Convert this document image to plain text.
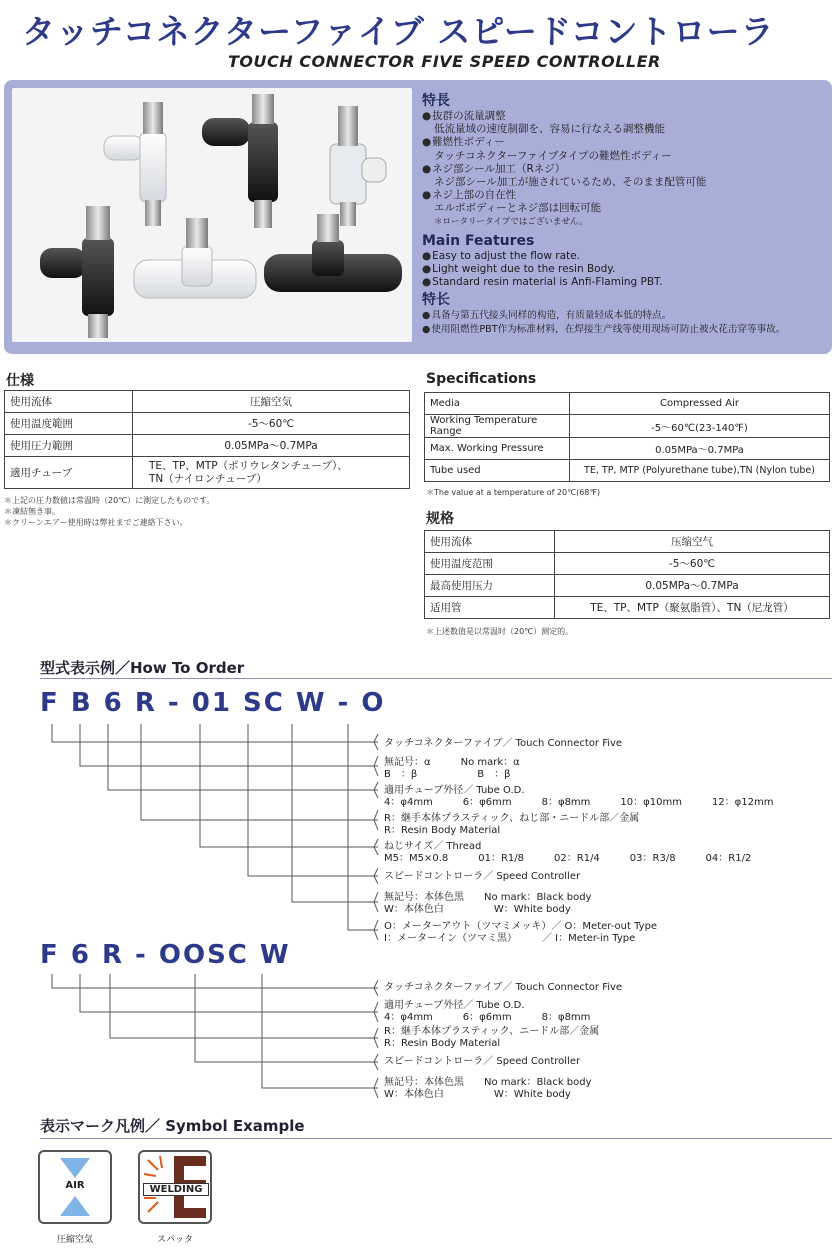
タッチコネクターファイブ スピードコントローラ
TOUCH CONNECTOR FIVE SPEED CONTROLLER
特長
● 抜群の流量調整
低流量域の速度制御を、容易に行なえる調整機能
● 難燃性ボディー
タッチコネクターファイブタイプの難燃性ボディー
● ネジ部シール加工（Rネジ）
ネジ部シール加工が施されているため、そのまま配管可能
● ネジ上部の自在性
エルボボディーとネジ部は回転可能
＊ロータリータイプではございません。
Main Features
● Easy to adjust the flow rate.
● Light weight due to the resin Body.
● Standard resin material is Anfi-Flaming PBT.
特长
● 具备与第五代接头同样的构造，有质量轻成本低的特点。
● 使用阻燃性PBT作为标准材料，在焊接生产线等使用现场可防止被火花击穿等事故。
仕様
使用流体	圧縮空気
使用温度範囲	-5～60℃
使用圧力範囲	0.05MPa～0.7MPa
適用チューブ	TE、TP、MTP（ポリウレタンチューブ）、
TN（ナイロンチューブ）
＊上記の圧力数値は常温時（20℃）に測定したものです。
＊凍結無き事。
＊クリーンエアー使用時は弊社までご連絡下さい。
Specifications
Media	Compressed Air
Working Temperature Range	-5～60℃(23-140℉)
Max. Working Pressure	0.05MPa～0.7MPa
Tube used	TE, TP, MTP (Polyurethane tube),TN (Nylon tube)
＊The value at a temperature of 20℃(68℉)
规格
使用流体	压缩空气
使用温度范围	-5～60℃
最高使用压力	0.05MPa～0.7MPa
适用管	TE、TP、MTP（聚氨脂管）、TN（尼龙管）
＊上述数值是以常温时（20℃）测定的。
型式表示例／How To Order
F B 6 R - 01 SC W - O
タッチコネクターファイブ／ Touch Connector Five
無記号：α　　　No mark：α
B　：β　　　　　　B　：β
適用チューブ外径／ Tube O.D.
4：φ4mm　　　6：φ6mm　　　8：φ8mm　　　10：φ10mm　　　12：φ12mm
R：継手本体プラスティック、ねじ部・ニードル部／金属
R：Resin Body Material
ねじサイズ／ Thread
M5：M5×0.8　　　01：R1/8　　　02：R1/4　　　03：R3/8　　　04：R1/2
スピードコントローラ／ Speed Controller
無記号：本体色黒　　No mark：Black body
W：本体色白　　　　　W：White body
O：メーターアウト（ツマミメッキ）／ O：Meter-out Type
I：メーターイン（ツマミ黒）　　　／ I：Meter-in Type
F 6 R - OOSC W
タッチコネクターファイブ／ Touch Connector Five
適用チューブ外径／ Tube O.D.
4：φ4mm　　　6：φ6mm　　　8：φ8mm
R：継手本体プラスティック、ニードル部／金属
R：Resin Body Material
スピードコントローラ／ Speed Controller
無記号：本体色黒　　No mark：Black body
W：本体色白　　　　　W：White body
表示マーク凡例／ Symbol Example
AIR
圧縮空気
WELDING
スパッタ
